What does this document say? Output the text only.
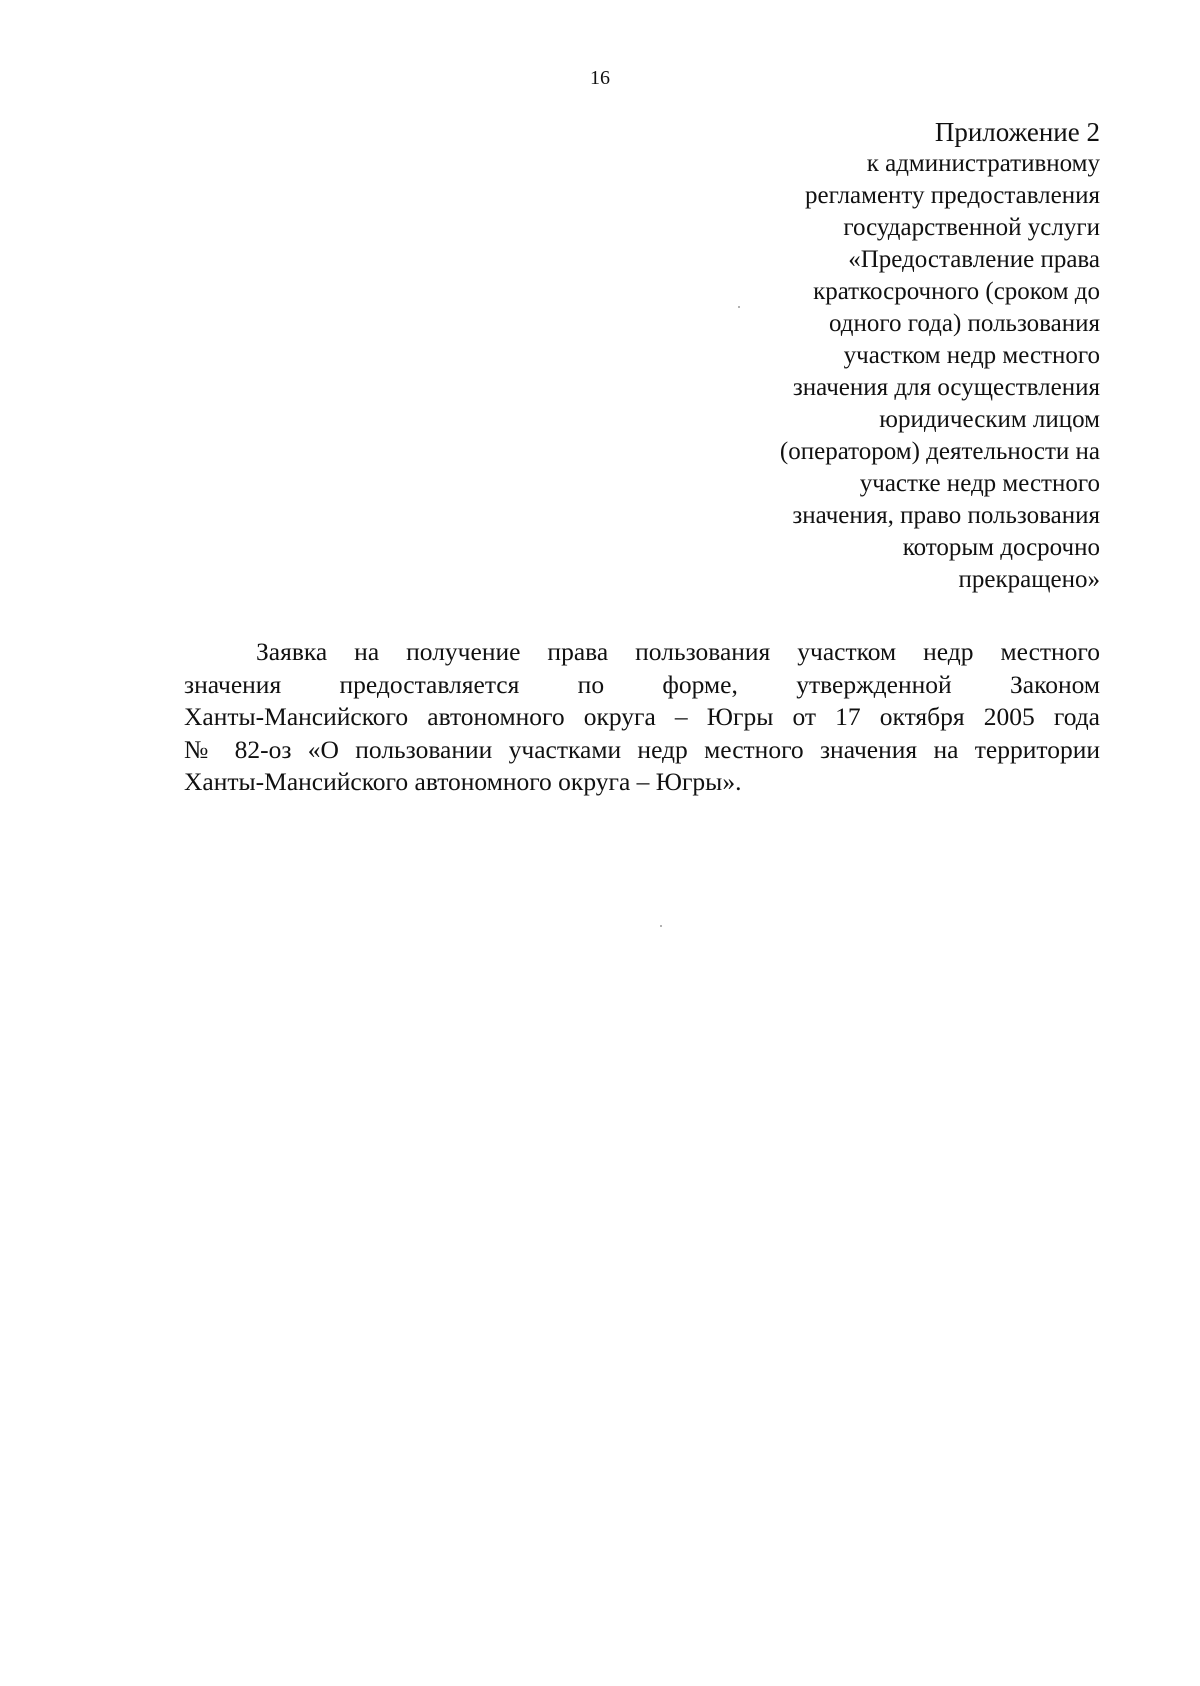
16
Приложение 2
к административному
регламенту предоставления
государственной услуги
«Предоставление права
краткосрочного (сроком до
одного года) пользования
участком недр местного
значения для осуществления
юридическим лицом
(оператором) деятельности на
участке недр местного
значения, право пользования
которым досрочно
прекращено»
Заявка на получение права пользования участком недр местного
значения предоставляется по форме, утвержденной Законом
Ханты-Мансийского автономного округа – Югры от 17 октября 2005 года
№ 82-оз «О пользовании участками недр местного значения на территории
Ханты-Мансийского автономного округа – Югры».
